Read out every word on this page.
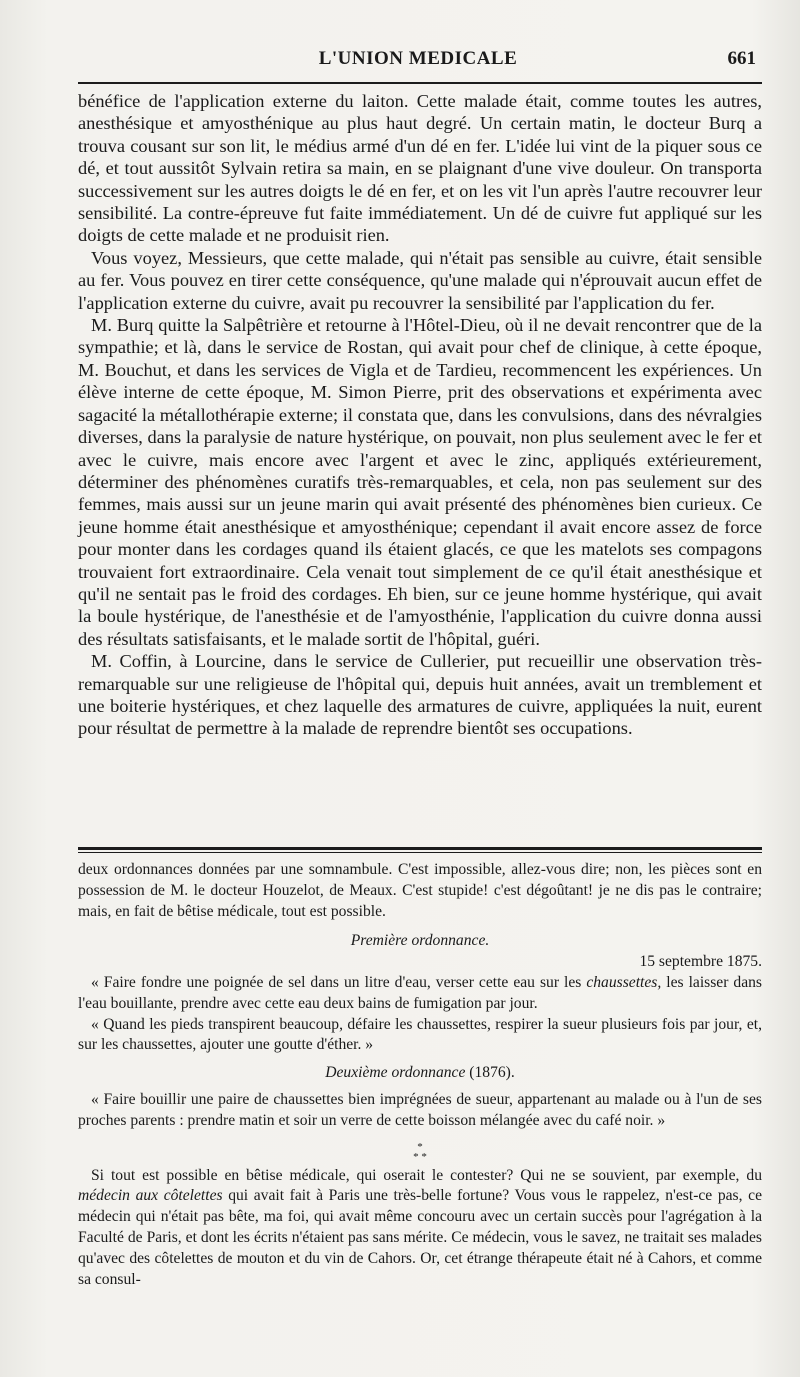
L'UNION MEDICALE	661

bénéfice de l'application externe du laiton. Cette malade était, comme toutes les autres, anesthésique et amyosthénique au plus haut degré. Un certain matin, le docteur Burq a trouva cousant sur son lit, le médius armé d'un dé en fer. L'idée lui vint de la piquer sous ce dé, et tout aussitôt Sylvain retira sa main, en se plaignant d'une vive douleur. On transporta successivement sur les autres doigts le dé en fer, et on les vit l'un après l'autre recouvrer leur sensibilité. La contre-épreuve fut faite immédiatement. Un dé de cuivre fut appliqué sur les doigts de cette malade et ne produisit rien.

Vous voyez, Messieurs, que cette malade, qui n'était pas sensible au cuivre, était sensible au fer. Vous pouvez en tirer cette conséquence, qu'une malade qui n'éprouvait aucun effet de l'application externe du cuivre, avait pu recouvrer la sensibilité par l'application du fer.

M. Burq quitte la Salpêtrière et retourne à l'Hôtel-Dieu, où il ne devait rencontrer que de la sympathie; et là, dans le service de Rostan, qui avait pour chef de clinique, à cette époque, M. Bouchut, et dans les services de Vigla et de Tardieu, recommencent les expériences. Un élève interne de cette époque, M. Simon Pierre, prit des observations et expérimenta avec sagacité la métallothérapie externe; il constata que, dans les convulsions, dans des névralgies diverses, dans la paralysie de nature hystérique, on pouvait, non plus seulement avec le fer et avec le cuivre, mais encore avec l'argent et avec le zinc, appliqués extérieurement, déterminer des phénomènes curatifs très-remarquables, et cela, non pas seulement sur des femmes, mais aussi sur un jeune marin qui avait présenté des phénomènes bien curieux. Ce jeune homme était anesthésique et amyosthénique; cependant il avait encore assez de force pour monter dans les cordages quand ils étaient glacés, ce que les matelots ses compagons trouvaient fort extraordinaire. Cela venait tout simplement de ce qu'il était anesthésique et qu'il ne sentait pas le froid des cordages. Eh bien, sur ce jeune homme hystérique, qui avait la boule hystérique, de l'anesthésie et de l'amyosthénie, l'application du cuivre donna aussi des résultats satisfaisants, et le malade sortit de l'hôpital, guéri.

M. Coffin, à Lourcine, dans le service de Cullerier, put recueillir une observation très-remarquable sur une religieuse de l'hôpital qui, depuis huit années, avait un tremblement et une boiterie hystériques, et chez laquelle des armatures de cuivre, appliquées la nuit, eurent pour résultat de permettre à la malade de reprendre bientôt ses occupations.

deux ordonnances données par une somnambule. C'est impossible, allez-vous dire; non, les pièces sont en possession de M. le docteur Houzelot, de Meaux. C'est stupide! c'est dégoûtant! je ne dis pas le contraire; mais, en fait de bêtise médicale, tout est possible.

Première ordonnance.

15 septembre 1875.

« Faire fondre une poignée de sel dans un litre d'eau, verser cette eau sur les chaussettes, les laisser dans l'eau bouillante, prendre avec cette eau deux bains de fumigation par jour.

« Quand les pieds transpirent beaucoup, défaire les chaussettes, respirer la sueur plusieurs fois par jour, et, sur les chaussettes, ajouter une goutte d'éther. »

Deuxième ordonnance (1876).

« Faire bouillir une paire de chaussettes bien imprégnées de sueur, appartenant au malade ou à l'un de ses proches parents : prendre matin et soir un verre de cette boisson mélangée avec du café noir. »

*
* *

Si tout est possible en bêtise médicale, qui oserait le contester? Qui ne se souvient, par exemple, du médecin aux côtelettes qui avait fait à Paris une très-belle fortune? Vous vous le rappelez, n'est-ce pas, ce médecin qui n'était pas bête, ma foi, qui avait même concouru avec un certain succès pour l'agrégation à la Faculté de Paris, et dont les écrits n'étaient pas sans mérite. Ce médecin, vous le savez, ne traitait ses malades qu'avec des côtelettes de mouton et du vin de Cahors. Or, cet étrange thérapeute était né à Cahors, et comme sa consul-
